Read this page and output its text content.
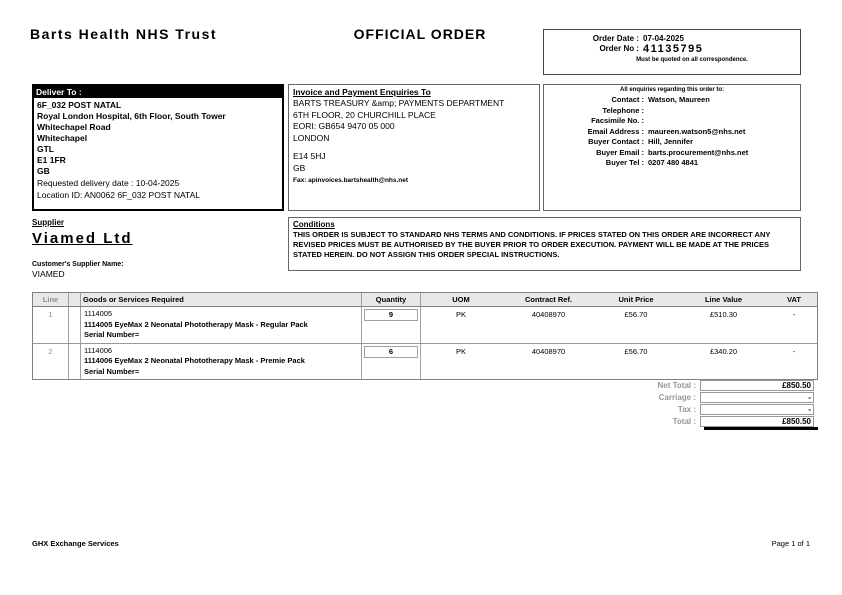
Barts Health NHS Trust	OFFICIAL ORDER	Order Date : 07-04-2025
Order No : 41135795
Must be quoted on all correspondence.
Deliver To :
6F_032 POST NATAL
Royal London Hospital, 6th Floor, South Tower
Whitechapel Road
Whitechapel
GTL
E1 1FR
GB
Requested delivery date : 10-04-2025
Location ID: AN0062 6F_032 POST NATAL
Invoice and Payment Enquiries To
BARTS TREASURY &amp; PAYMENTS DEPARTMENT
6TH FLOOR, 20 CHURCHILL PLACE
EORI: GB654 9470 05 000
LONDON
E14 5HJ
GB
Fax: apinvoices.bartshealth@nhs.net
All enquiries regarding this order to:
Contact : Watson, Maureen
Telephone :
Facsimile No. :
Email Address : maureen.watson5@nhs.net
Buyer Contact : Hill, Jennifer
Buyer Email : barts.procurement@nhs.net
Buyer Tel : 0207 480 4841
Supplier
Viamed Ltd
Customer's Supplier Name:
VIAMED
Conditions
THIS ORDER IS SUBJECT TO STANDARD NHS TERMS AND CONDITIONS. IF PRICES STATED ON THIS ORDER ARE INCORRECT ANY REVISED PRICES MUST BE AUTHORISED BY THE BUYER PRIOR TO ORDER EXECUTION. PAYMENT WILL BE MADE AT THE PRICES STATED HEREIN. DO NOT ASSIGN THIS ORDER SPECIAL INSTRUCTIONS.
Line	Goods or Services Required	Quantity	UOM	Contract Ref.	Unit Price	Line Value	VAT
1	1114005
1114005 EyeMax 2 Neonatal Phototherapy Mask - Regular Pack
Serial Number=
9	PK	40408970	£56.70	£510.30	-
2	1114006
1114006 EyeMax 2 Neonatal Phototherapy Mask - Premie Pack
Serial Number=
6	PK	40408970	£56.70	£340.20	-
Net Total :	£850.50
Carriage :	-
Tax :	-
Total :	£850.50
GHX Exchange Services	Page 1 of 1
